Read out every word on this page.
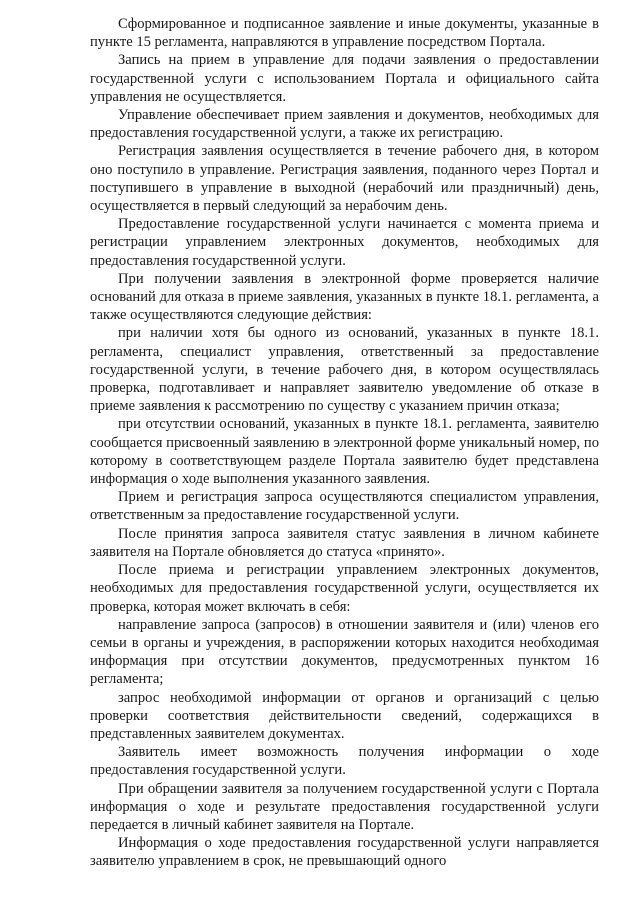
Сформированное и подписанное заявление и иные документы, указанные в пункте 15 регламента, направляются в управление посредством Портала.

Запись на прием в управление для подачи заявления о предоставлении государственной услуги с использованием Портала и официального сайта управления не осуществляется.

Управление обеспечивает прием заявления и документов, необходимых для предоставления государственной услуги, а также их регистрацию.

Регистрация заявления осуществляется в течение рабочего дня, в котором оно поступило в управление. Регистрация заявления, поданного через Портал и поступившего в управление в выходной (нерабочий или праздничный) день, осуществляется в первый следующий за нерабочим день.

Предоставление государственной услуги начинается с момента приема и регистрации управлением электронных документов, необходимых для предоставления государственной услуги.

При получении заявления в электронной форме проверяется наличие оснований для отказа в приеме заявления, указанных в пункте 18.1. регламента, а также осуществляются следующие действия:

при наличии хотя бы одного из оснований, указанных в пункте 18.1. регламента, специалист управления, ответственный за предоставление государственной услуги, в течение рабочего дня, в котором осуществлялась проверка, подготавливает и направляет заявителю уведомление об отказе в приеме заявления к рассмотрению по существу с указанием причин отказа;

при отсутствии оснований, указанных в пункте 18.1. регламента, заявителю сообщается присвоенный заявлению в электронной форме уникальный номер, по которому в соответствующем разделе Портала заявителю будет представлена информация о ходе выполнения указанного заявления.

Прием и регистрация запроса осуществляются специалистом управления, ответственным за предоставление государственной услуги.

После принятия запроса заявителя статус заявления в личном кабинете заявителя на Портале обновляется до статуса «принято».

После приема и регистрации управлением электронных документов, необходимых для предоставления государственной услуги, осуществляется их проверка, которая может включать в себя:

направление запроса (запросов) в отношении заявителя и (или) членов его семьи в органы и учреждения, в распоряжении которых находится необходимая информация при отсутствии документов, предусмотренных пунктом 16 регламента;

запрос необходимой информации от органов и организаций с целью проверки соответствия действительности сведений, содержащихся в представленных заявителем документах.

Заявитель имеет возможность получения информации о ходе предоставления государственной услуги.

При обращении заявителя за получением государственной услуги с Портала информация о ходе и результате предоставления государственной услуги передается в личный кабинет заявителя на Портале.

Информация о ходе предоставления государственной услуги направляется заявителю управлением в срок, не превышающий одного
